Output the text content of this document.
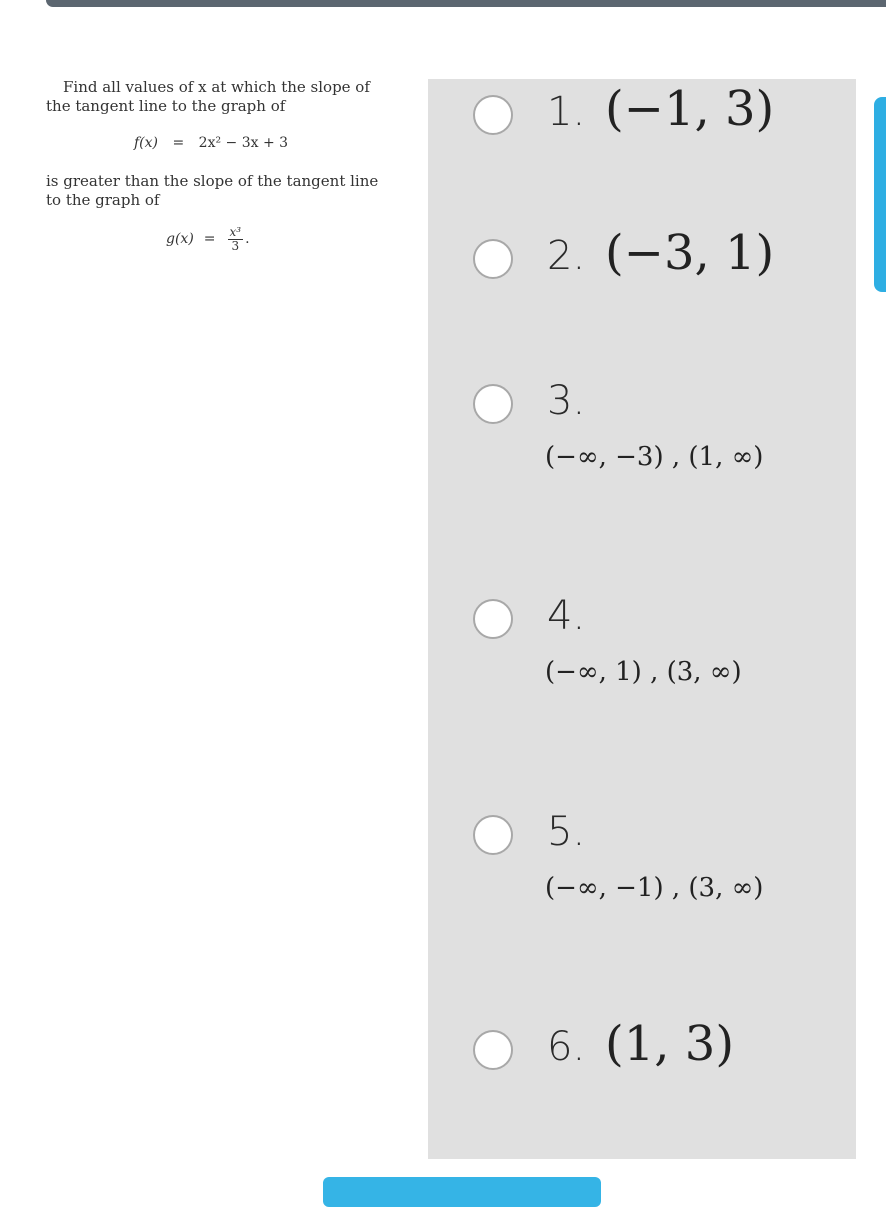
Find all values of x at which the slope of the tangent line to the graph of

f(x) = 2x² − 3x + 3

is greater than the slope of the tangent line to the graph of

$g(x) = \frac{\text{x³}}{3}$ .
1. (−1, 3)
2. (−3, 1)
3.
(−∞, −3) , (1, ∞)
4.
(−∞, 1) , (3, ∞)
5.
(−∞, −1) , (3, ∞)
6. (1, 3)
